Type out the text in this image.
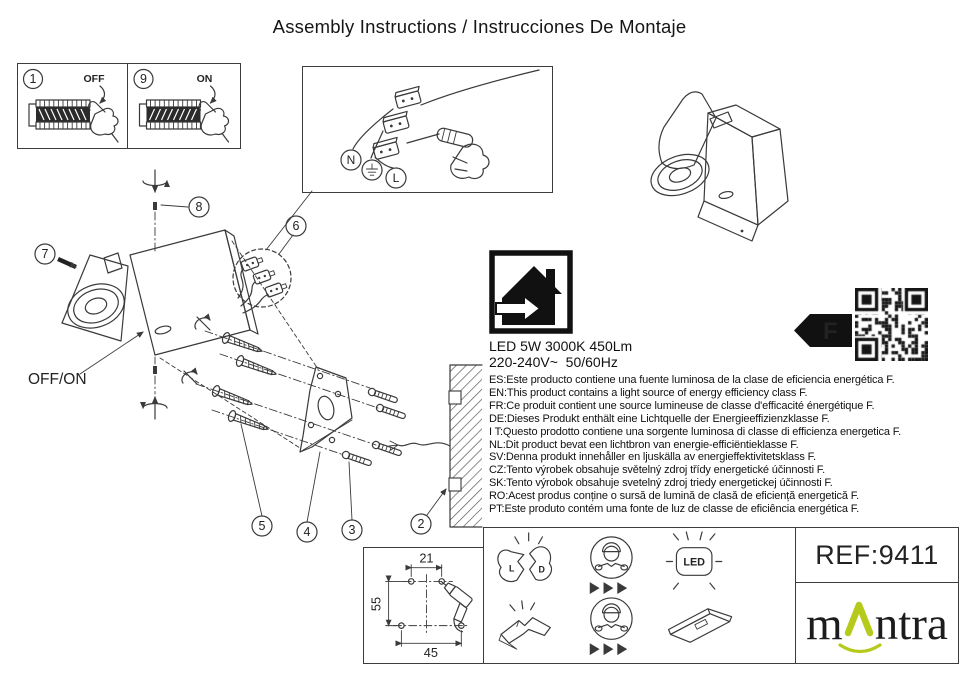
Assembly Instructions / Instrucciones De Montaje
1	OFF	9	ON
N
L
8
7
OFF/ON
6
5	4	3	2
LED 5W 3000K 450Lm
220-240V~  50/60Hz
ES:Este producto contiene una fuente luminosa de la clase de eficiencia energética F.
EN:This product contains a light source of energy efficiency class F.
FR:Ce produit contient une source lumineuse de classe d'efficacité énergétique F.
DE:Dieses Produkt enthält eine Lichtquelle der Energieeffizienzklasse F.
I T:Questo prodotto contiene una sorgente luminosa di classe di efficienza energetica F.
NL:Dit product bevat een lichtbron van energie-efficiëntieklasse F.
SV:Denna produkt innehåller en ljuskälla av energieffektivitetsklass F.
CZ:Tento výrobek obsahuje světelný zdroj třídy energetické účinnosti F.
SK:Tento výrobok obsahuje svetelný zdroj triedy energetickej účinnosti F.
RO:Acest produs conține o sursă de lumină de clasă de eficiență energetică F.
PT:Este produto contém uma fonte de luz de classe de eficiência energética F.
F
21
45
55
L	D
LED	REF:9411
m ntra
